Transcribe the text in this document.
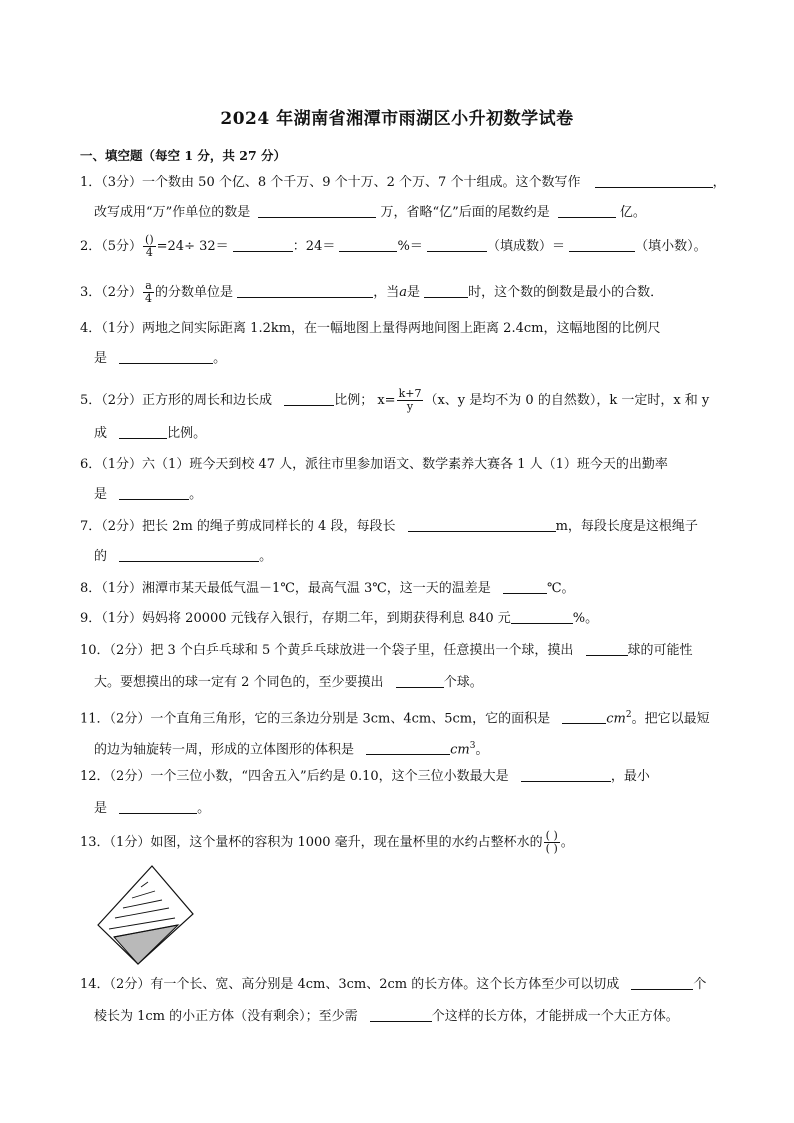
2024 年湖南省湘潭市雨湖区小升初数学试卷
一、填空题（每空 1 分，共 27 分）
1．（3分）一个数由 50 个亿、8 个千万、9 个十万、2 个万、7 个十组成。这个数写作	，
改写成用“万”作单位的数是	万，省略“亿”后面的尾数约是	亿。
2．（5分） $\frac{()}{4} =24\div 32=$	：24＝	%＝	（填成数）＝	（填小数）。
3．（2分） $\frac{a}{4}$ 的分数单位是	，当a是	时，这个数的倒数是最小的合数．
4．（1分）两地之间实际距离 1.2km，在一幅地图上量得两地间图上距离 2.4cm，这幅地图的比例尺
是	。
5．（2分）正方形的周长和边长成	比例； $x= \frac{k+7}{y} (x$、y 是均不为 0 的自然数），k 一定时，x 和 y
成	比例。
6．（1分）六（1）班今天到校 47 人，派往市里参加语文、数学素养大赛各 1 人（1）班今天的出勤率
是	。
7．（2分）把长 2m 的绳子剪成同样长的 4 段，每段长	m，每段长度是这根绳子
的	。
8．（1分）湘潭市某天最低气温－1℃，最高气温 3℃，这一天的温差是	℃。
9．（1分）妈妈将 20000 元钱存入银行，存期二年，到期获得利息 840 元	%。
10．（2分）把 3 个白乒乓球和 5 个黄乒乓球放进一个袋子里，任意摸出一个球，摸出	球的可能性
大。要想摸出的球一定有 2 个同色的，至少要摸出	个球。
11．（2分）一个直角三角形，它的三条边分别是 3cm、4cm、5cm，它的面积是	$cm^2$。把它以最短
的边为轴旋转一周，形成的立体图形的体积是	$cm^3$。
12．（2分）一个三位小数，“四舍五入”后约是 0.10，这个三位小数最大是	，最小
是	。
13．（1分）如图，这个量杯的容积为 1000 毫升，现在量杯里的水约占整杯水的 $\frac{( )}{( )}$ 。
14．（2分）有一个长、宽、高分别是 4cm、3cm、2cm 的长方体。这个长方体至少可以切成	个
棱长为 1cm 的小正方体（没有剩余）；至少需	个这样的长方体，才能拼成一个大正方体。
